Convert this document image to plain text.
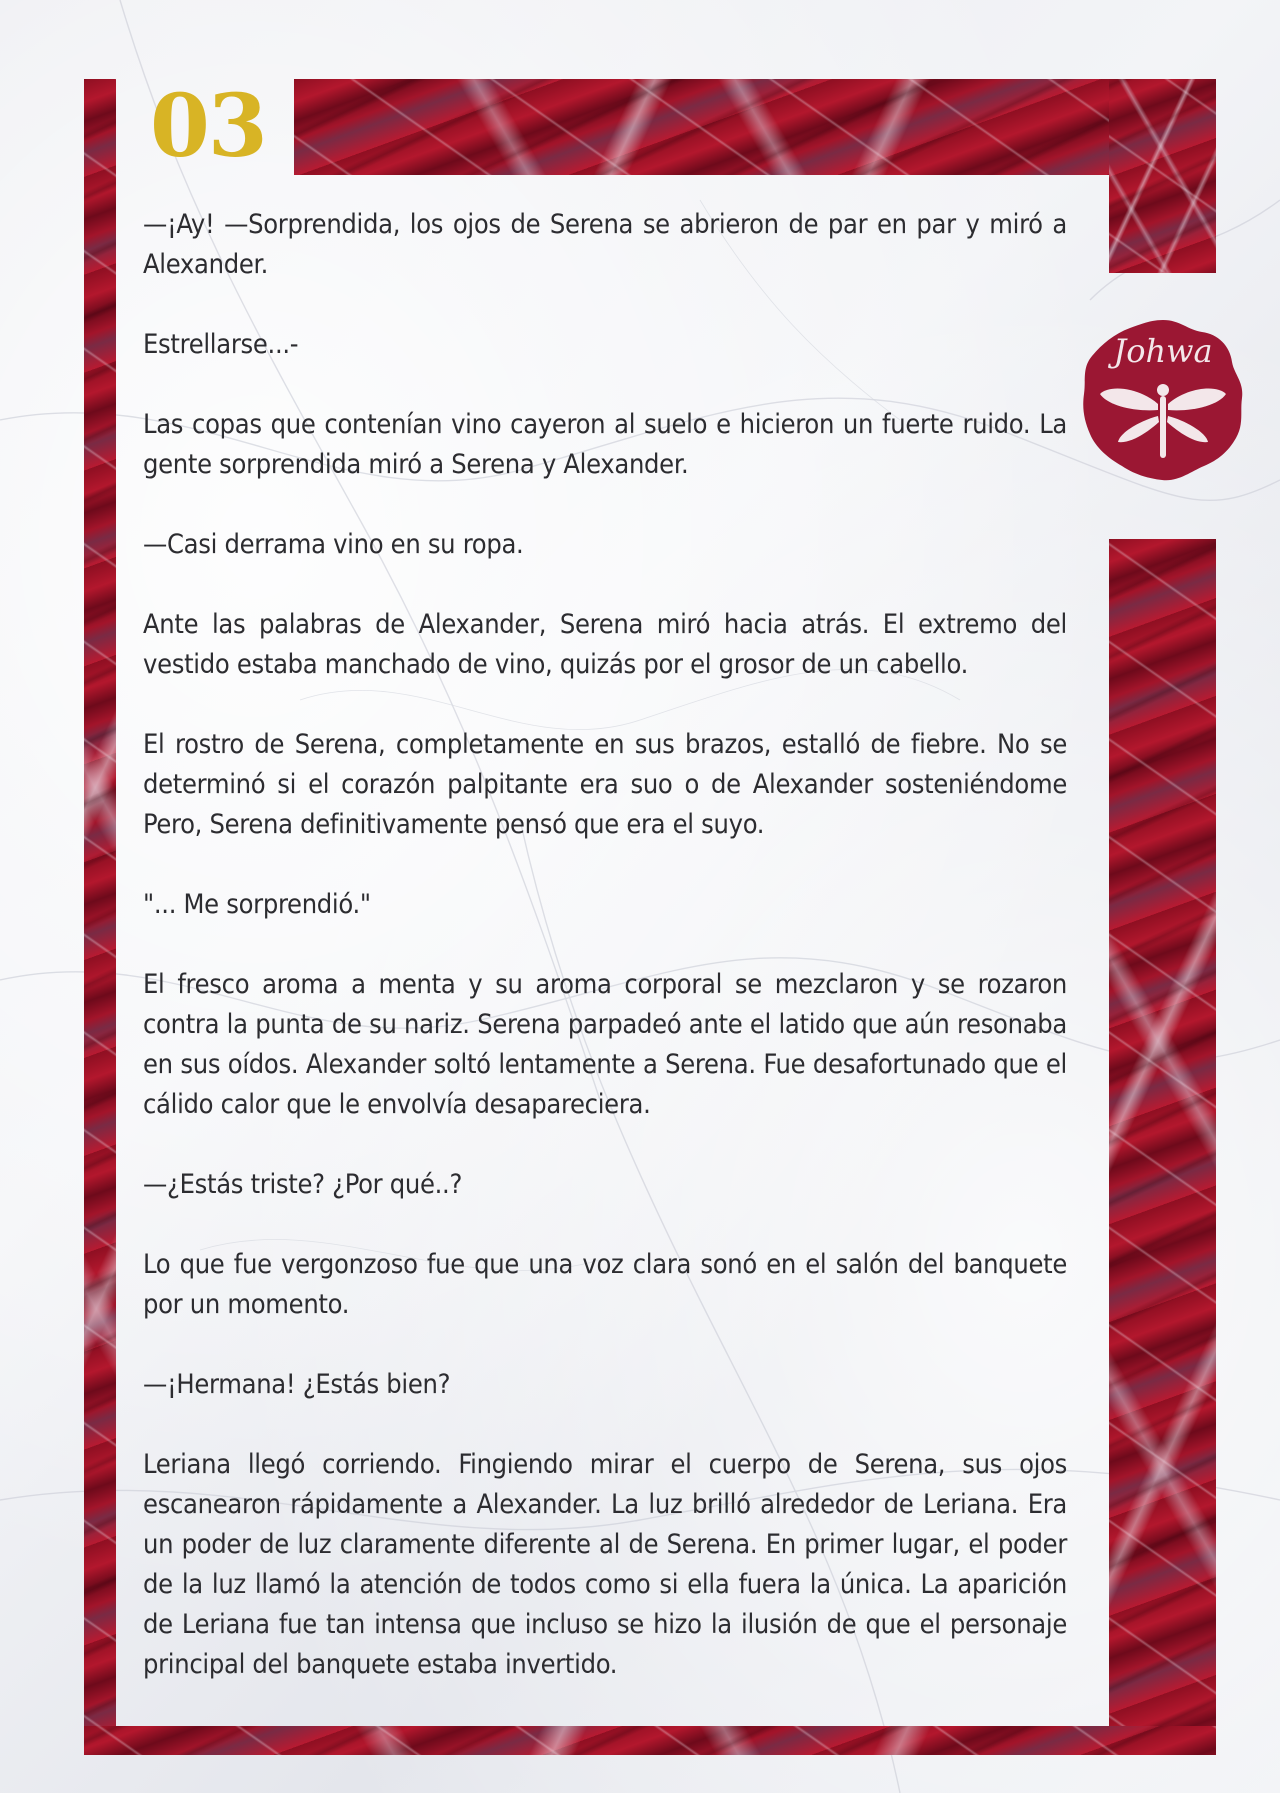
03
Johwa

—¡Ay! —Sorprendida, los ojos de Serena se abrieron de par en par y miró a Alexander.

Estrellarse...-

Las copas que contenían vino cayeron al suelo e hicieron un fuerte ruido. La gente sorprendida miró a Serena y Alexander.

—Casi derrama vino en su ropa.

Ante las palabras de Alexander, Serena miró hacia atrás. El extremo del vestido estaba manchado de vino, quizás por el grosor de un cabello.

El rostro de Serena, completamente en sus brazos, estalló de fiebre. No se determinó si el corazón palpitante era suo o de Alexander sosteniéndome Pero, Serena definitivamente pensó que era el suyo.

"... Me sorprendió."

El fresco aroma a menta y su aroma corporal se mezclaron y se rozaron contra la punta de su nariz. Serena parpadeó ante el latido que aún resonaba en sus oídos. Alexander soltó lentamente a Serena. Fue desafortunado que el cálido calor que le envolvía desapareciera.

—¿Estás triste? ¿Por qué..?

Lo que fue vergonzoso fue que una voz clara sonó en el salón del banquete por un momento.

—¡Hermana! ¿Estás bien?

Leriana llegó corriendo. Fingiendo mirar el cuerpo de Serena, sus ojos escanearon rápidamente a Alexander. La luz brilló alrededor de Leriana. Era un poder de luz claramente diferente al de Serena. En primer lugar, el poder de la luz llamó la atención de todos como si ella fuera la única. La aparición de Leriana fue tan intensa que incluso se hizo la ilusión de que el personaje principal del banquete estaba invertido.
